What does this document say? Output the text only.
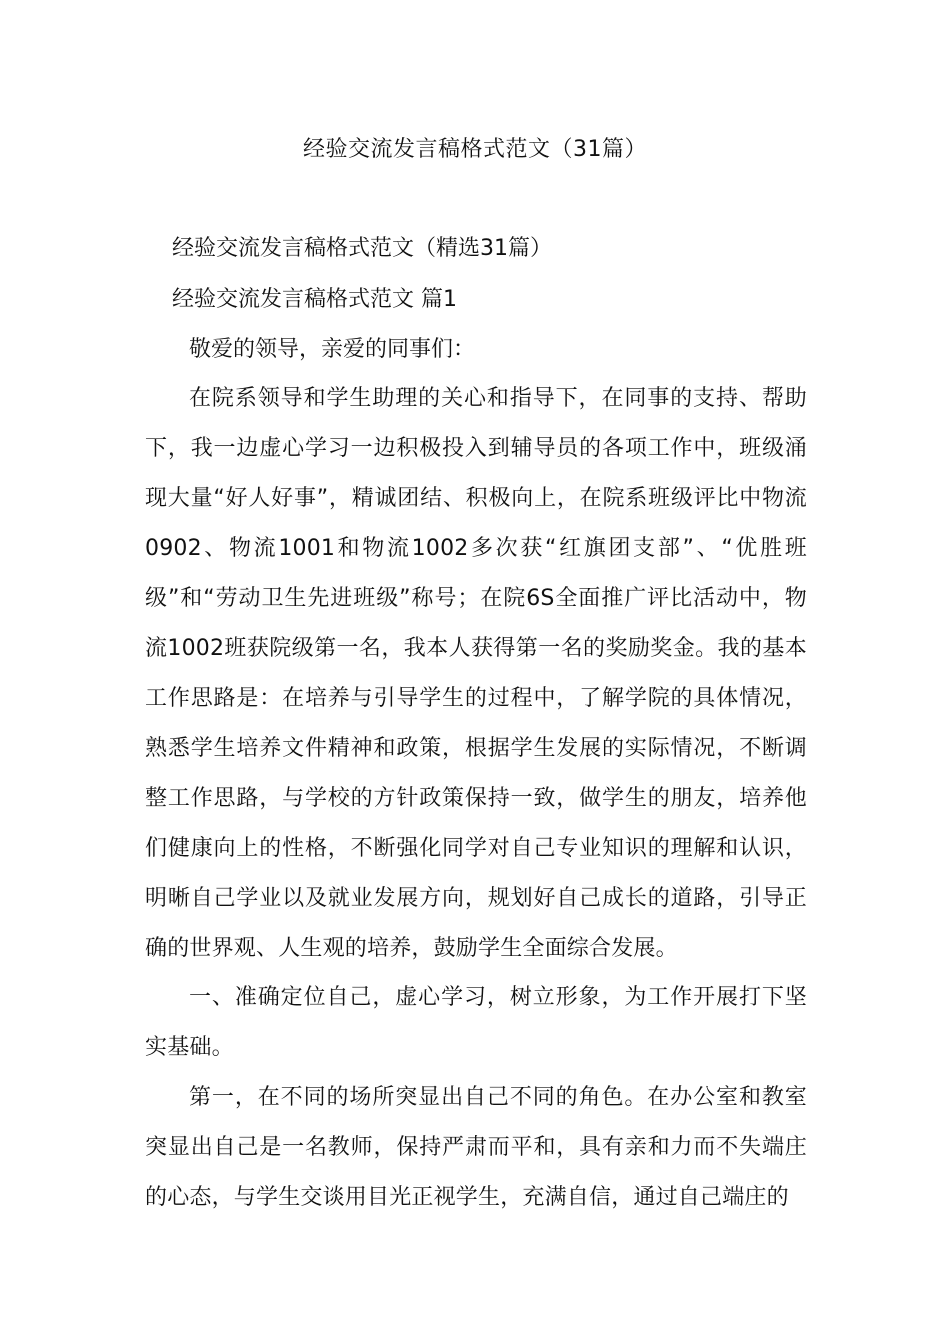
经验交流发言稿格式范文（31篇）
经验交流发言稿格式范文（精选31篇）
经验交流发言稿格式范文 篇1
敬爱的领导，亲爱的同事们：

在院系领导和学生助理的关心和指导下，在同事的支持、帮助下，我一边虚心学习一边积极投入到辅导员的各项工作中，班级涌现大量“好人好事”，精诚团结、积极向上，在院系班级评比中物流0902、物流1001和物流1002多次获“红旗团支部”、“优胜班级”和“劳动卫生先进班级”称号；在院6S全面推广评比活动中，物流1002班获院级第一名，我本人获得第一名的奖励奖金。我的基本工作思路是：在培养与引导学生的过程中，了解学院的具体情况，熟悉学生培养文件精神和政策，根据学生发展的实际情况，不断调整工作思路，与学校的方针政策保持一致，做学生的朋友，培养他们健康向上的性格，不断强化同学对自己专业知识的理解和认识，明晰自己学业以及就业发展方向，规划好自己成长的道路，引导正确的世界观、人生观的培养，鼓励学生全面综合发展。

一、准确定位自己，虚心学习，树立形象，为工作开展打下坚实基础。

第一，在不同的场所突显出自己不同的角色。在办公室和教室突显出自己是一名教师，保持严肃而平和，具有亲和力而不失端庄的心态，与学生交谈用目光正视学生，充满自信，通过自己端庄的
